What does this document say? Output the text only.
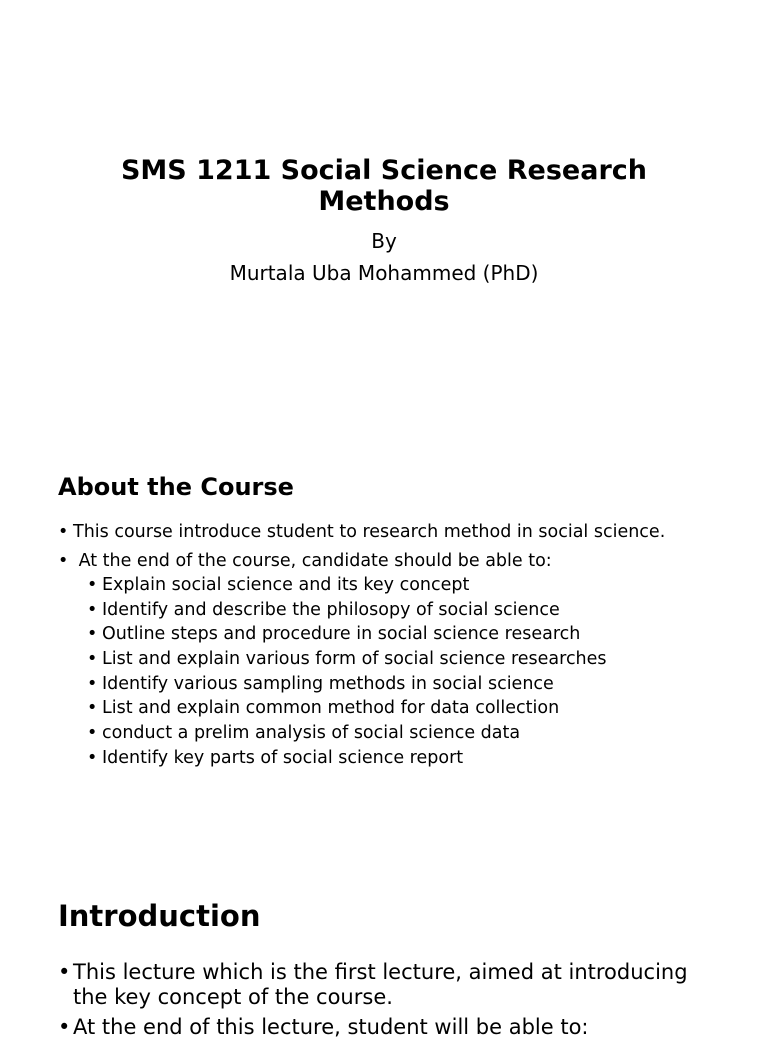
SMS 1211 Social Science Research Methods
By
Murtala Uba Mohammed (PhD)
About the Course
• This course introduce student to research method in social science.
•  At the end of the course, candidate should be able to:
• Explain social science and its key concept
• Identify and describe the philosopy of social science
• Outline steps and procedure in social science research
• List and explain various form of social science researches
• Identify various sampling methods in social science
• List and explain common method for data collection
• conduct a prelim analysis of social science data
• Identify key parts of social science report
Introduction
• This lecture which is the first lecture, aimed at introducing the key concept of the course.
• At the end of this lecture, student will be able to:
